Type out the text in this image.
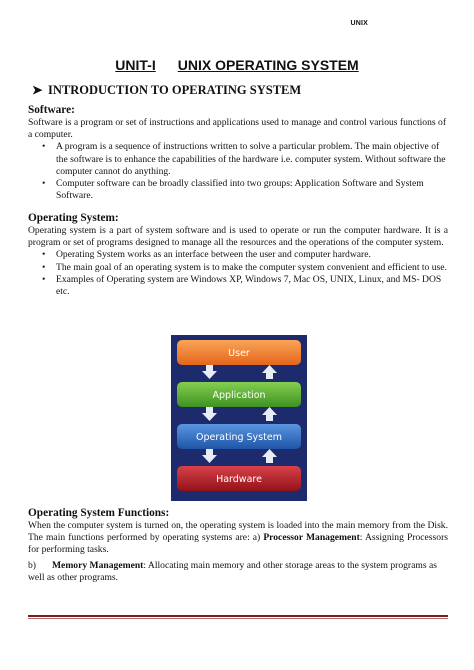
UNIX
UNIT-I UNIX OPERATING SYSTEM
➤ INTRODUCTION TO OPERATING SYSTEM
Software:

Software is a program or set of instructions and applications used to manage and control various functions of a computer.

• A program is a sequence of instructions written to solve a particular problem. The main objective of the software is to enhance the capabilities of the hardware i.e. computer system. Without software the computer cannot do anything.
• Computer software can be broadly classified into two groups: Application Software and System Software.
Operating System:

Operating system is a part of system software and is used to operate or run the computer hardware. It is a program or set of programs designed to manage all the resources and the operations of the computer system.

• Operating System works as an interface between the user and computer hardware.
• The main goal of an operating system is to make the computer system convenient and efficient to use.
• Examples of Operating system are Windows XP, Windows 7, Mac OS, UNIX, Linux, and MS- DOS etc.
User
Application
Operating System
Hardware
Operating System Functions:

When the computer system is turned on, the operating system is loaded into the main memory from the Disk. The main functions performed by operating systems are: a) Processor Management: Assigning Processors for performing tasks.

b) Memory Management: Allocating main memory and other storage areas to the system programs as well as other programs.
